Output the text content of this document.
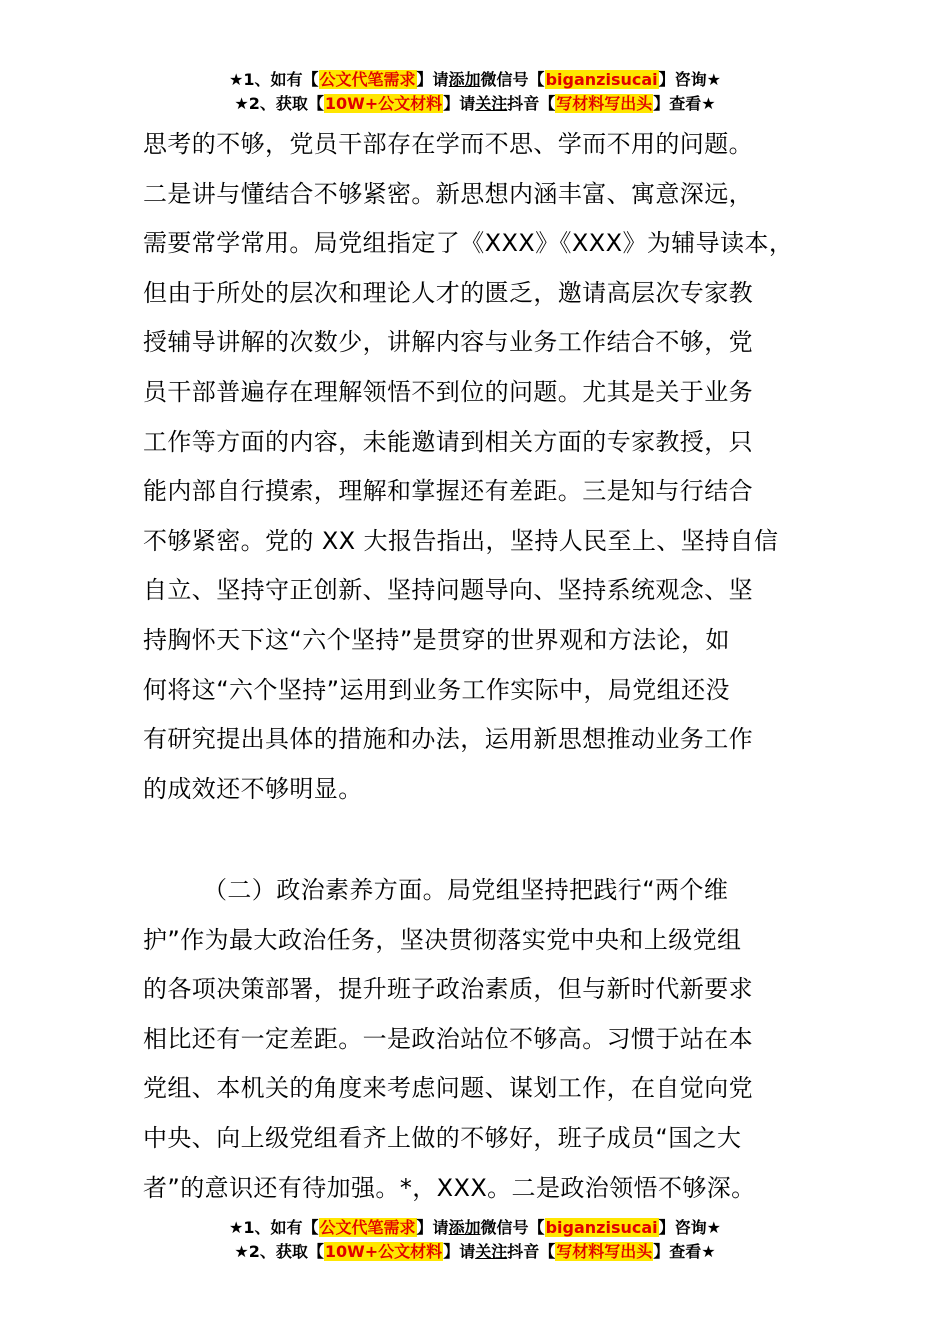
★1、如有【公文代笔需求】请添加微信号【biganzisucai】咨询★
★2、获取【10W+公文材料】请关注抖音【写材料写出头】查看★
思考的不够，党员干部存在学而不思、学而不用的问题。
二是讲与懂结合不够紧密。新思想内涵丰富、寓意深远，
需要常学常用。局党组指定了《XXX》《XXX》为辅导读本，
但由于所处的层次和理论人才的匮乏，邀请高层次专家教
授辅导讲解的次数少，讲解内容与业务工作结合不够，党
员干部普遍存在理解领悟不到位的问题。尤其是关于业务
工作等方面的内容，未能邀请到相关方面的专家教授，只
能内部自行摸索，理解和掌握还有差距。三是知与行结合
不够紧密。党的 XX 大报告指出，坚持人民至上、坚持自信
自立、坚持守正创新、坚持问题导向、坚持系统观念、坚
持胸怀天下这“六个坚持”是贯穿的世界观和方法论，如
何将这“六个坚持”运用到业务工作实际中，局党组还没
有研究提出具体的措施和办法，运用新思想推动业务工作
的成效还不够明显。
（二）政治素养方面。局党组坚持把践行“两个维
护”作为最大政治任务，坚决贯彻落实党中央和上级党组
的各项决策部署，提升班子政治素质，但与新时代新要求
相比还有一定差距。一是政治站位不够高。习惯于站在本
党组、本机关的角度来考虑问题、谋划工作，在自觉向党
中央、向上级党组看齐上做的不够好，班子成员“国之大
者”的意识还有待加强。*，XXX。二是政治领悟不够深。
★1、如有【公文代笔需求】请添加微信号【biganzisucai】咨询★
★2、获取【10W+公文材料】请关注抖音【写材料写出头】查看★
